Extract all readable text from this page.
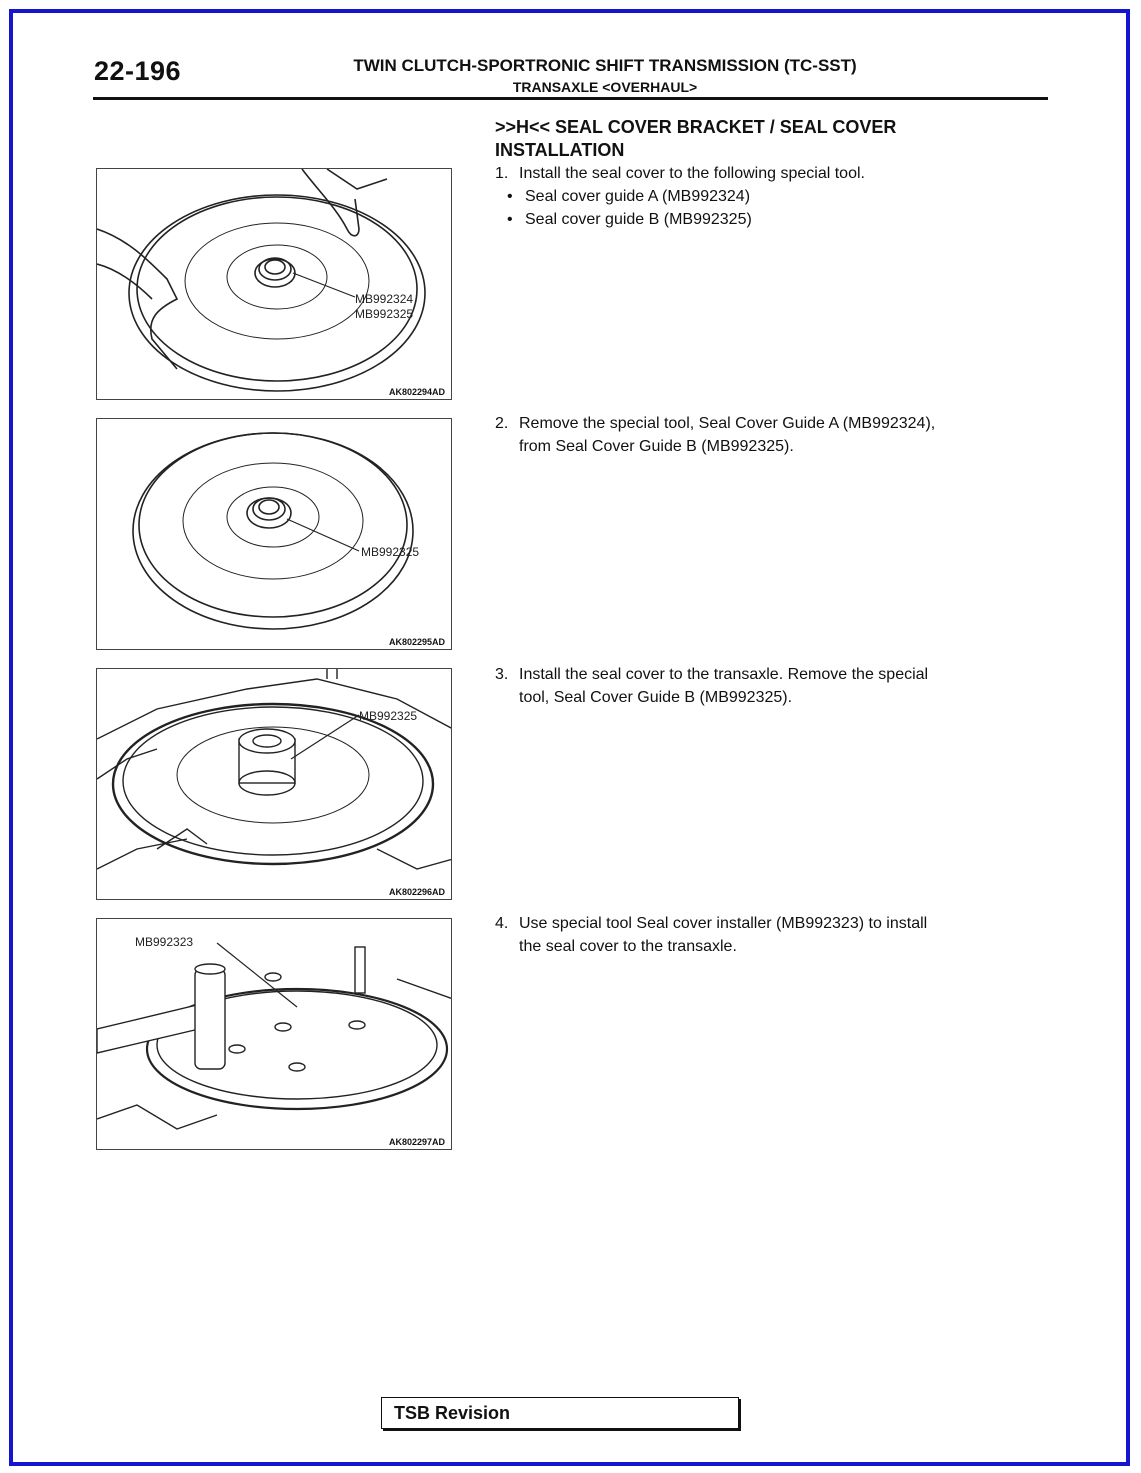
22-196	TWIN CLUTCH-SPORTRONIC SHIFT TRANSMISSION (TC-SST)
TRANSAXLE <OVERHAUL>
>>H<< SEAL COVER BRACKET / SEAL COVER
INSTALLATION
1. Install the seal cover to the following special tool.
• Seal cover guide A (MB992324)
• Seal cover guide B (MB992325)
2. Remove the special tool, Seal Cover Guide A (MB992324),
from Seal Cover Guide B (MB992325).
3. Install the seal cover to the transaxle. Remove the special
tool, Seal Cover Guide B (MB992325).
4. Use special tool Seal cover installer (MB992323) to install
the seal cover to the transaxle.
MB992324
MB992325
AK802294AD
MB992325
AK802295AD
MB992325
AK802296AD
MB992323
AK802297AD
TSB Revision
